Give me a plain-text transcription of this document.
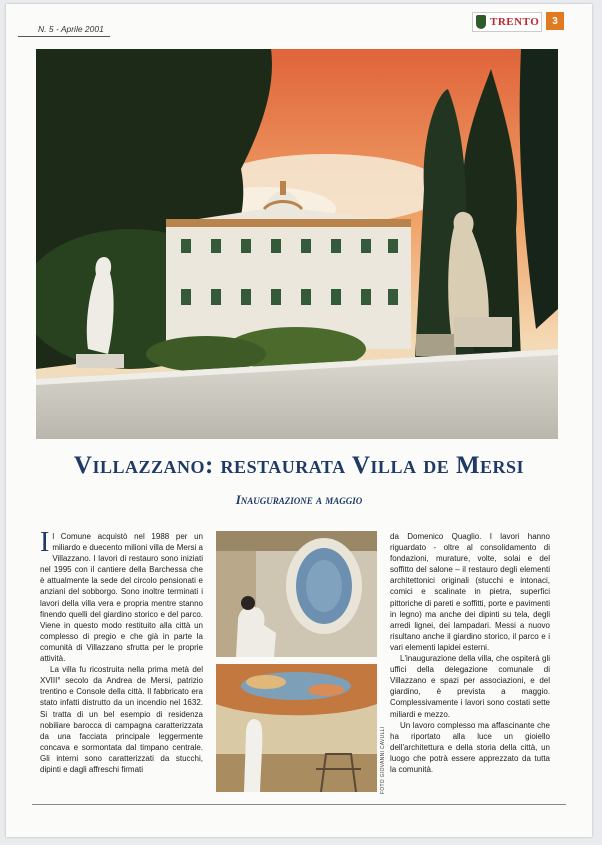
N. 5 - Aprile 2001
TRENTO	3
Villazzano: restaurata Villa de Mersi
Inaugurazione a maggio

Il Comune acquistò nel 1988 per un miliardo e duecento milioni villa de Mersi a Villazzano. I lavori di restauro sono iniziati nel 1995 con il cantiere della Barchessa che è attualmente la sede del circolo pensionati e anziani del sobborgo. Sono inoltre terminati i lavori della villa vera e propria mentre stanno finendo quelli del giardino storico e del parco. Viene in questo modo restituito alla città un complesso di pregio e che già in parte la comunità di Villazzano sfrutta per le proprie attività.

La villa fu ricostruita nella prima metà del XVIII° secolo da Andrea de Mersi, patrizio trentino e Console della città. Il fabbricato era stato infatti distrutto da un incendio nel 1632. Si tratta di un bel esempio di residenza nobiliare barocca di campagna caratterizzata da una facciata principale leggermente concava e sormontata dal timpano centrale. Gli interni sono caratterizzati da stucchi, dipinti e dagli affreschi firmati	FOTO GIOVANNI CAVULLI

da Domenico Quaglio. I lavori hanno riguardato - oltre al consolidamento di fondazioni, murature, volte, solai e del soffitto del salone – il restauro degli elementi architettonici originali (stucchi e intonaci, comici e scalinate in pietra, superfici pittoriche di pareti e soffitti, porte e pavimenti in legno) ma anche dei dipinti su tela, degli arredi lignei, dei lampadari. Messi a nuovo risultano anche il giardino storico, il parco e i vari elementi lapidei esterni.

L'inaugurazione della villa, che ospiterà gli uffici della delegazione comunale di Villazzano e spazi per associazioni, e del giardino, è prevista a maggio. Complessivamente i lavori sono costati sette miliardi e mezzo.

Un lavoro complesso ma affascinante che ha riportato alla luce un gioiello dell'architettura e della storia della città, un luogo che potrà essere apprezzato da tutta la comunità.
